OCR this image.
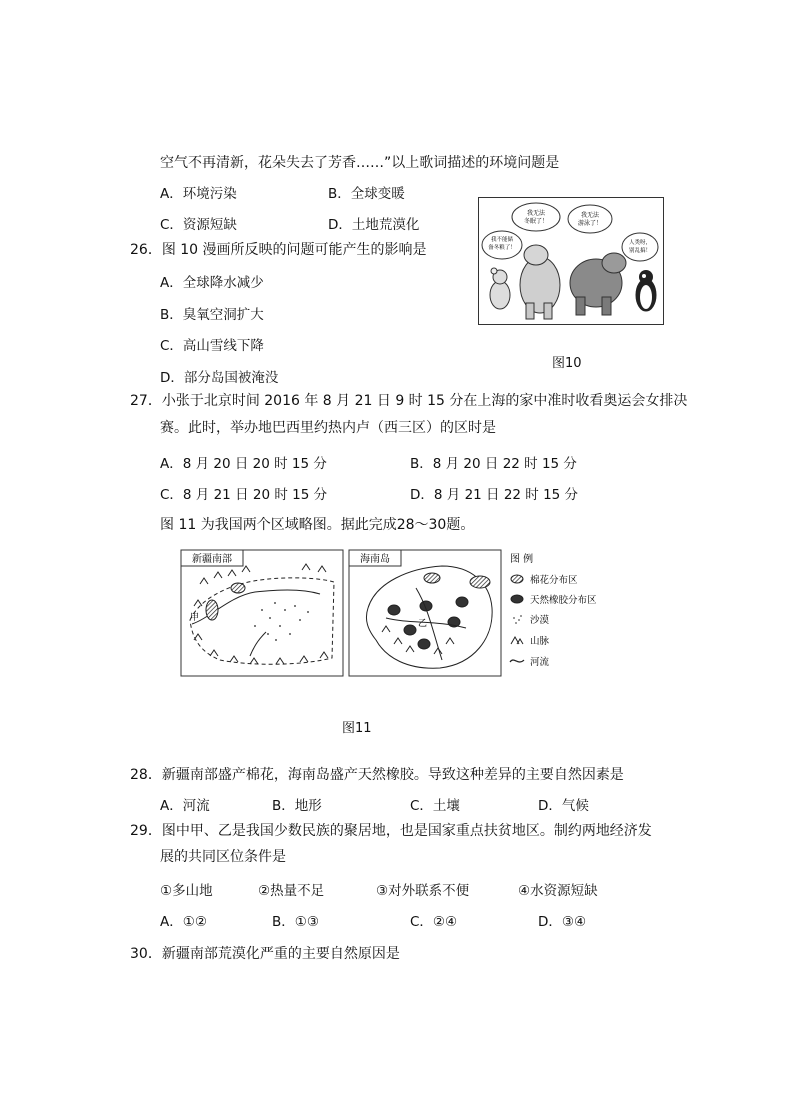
空气不再清新，花朵失去了芳香……”以上歌词描述的环境问题是
A．环境污染	B．全球变暖
C．资源短缺	D．土地荒漠化
26．图 10 漫画所反映的问题可能产生的影响是
A．全球降水减少
B．臭氧空洞扩大
C．高山雪线下降
D．部分岛国被淹没
我无法
冬眠了！
我无法
游泳了！
我不能储
备冬粮了！
人类呀，
别乱搞！
图10
27．小张于北京时间 2016 年 8 月 21 日 9 时 15 分在上海的家中准时收看奥运会女排决
赛。此时，举办地巴西里约热内卢（西三区）的区时是
A．8 月 20 日 20 时 15 分	B．8 月 20 日 22 时 15 分
C．8 月 21 日 20 时 15 分	D．8 月 21 日 22 时 15 分
图 11 为我国两个区域略图。据此完成28～30题。
新疆南部
甲
海南岛
乙
图 例
棉花分布区
天然橡胶分布区
沙漠
山脉
河流
图11
28．新疆南部盛产棉花，海南岛盛产天然橡胶。导致这种差异的主要自然因素是
A．河流	B．地形	C．土壤	D．气候
29．图中甲、乙是我国少数民族的聚居地，也是国家重点扶贫地区。制约两地经济发
展的共同区位条件是
①多山地	②热量不足	③对外联系不便	④水资源短缺
A．①②	B．①③	C．②④	D．③④
30．新疆南部荒漠化严重的主要自然原因是
